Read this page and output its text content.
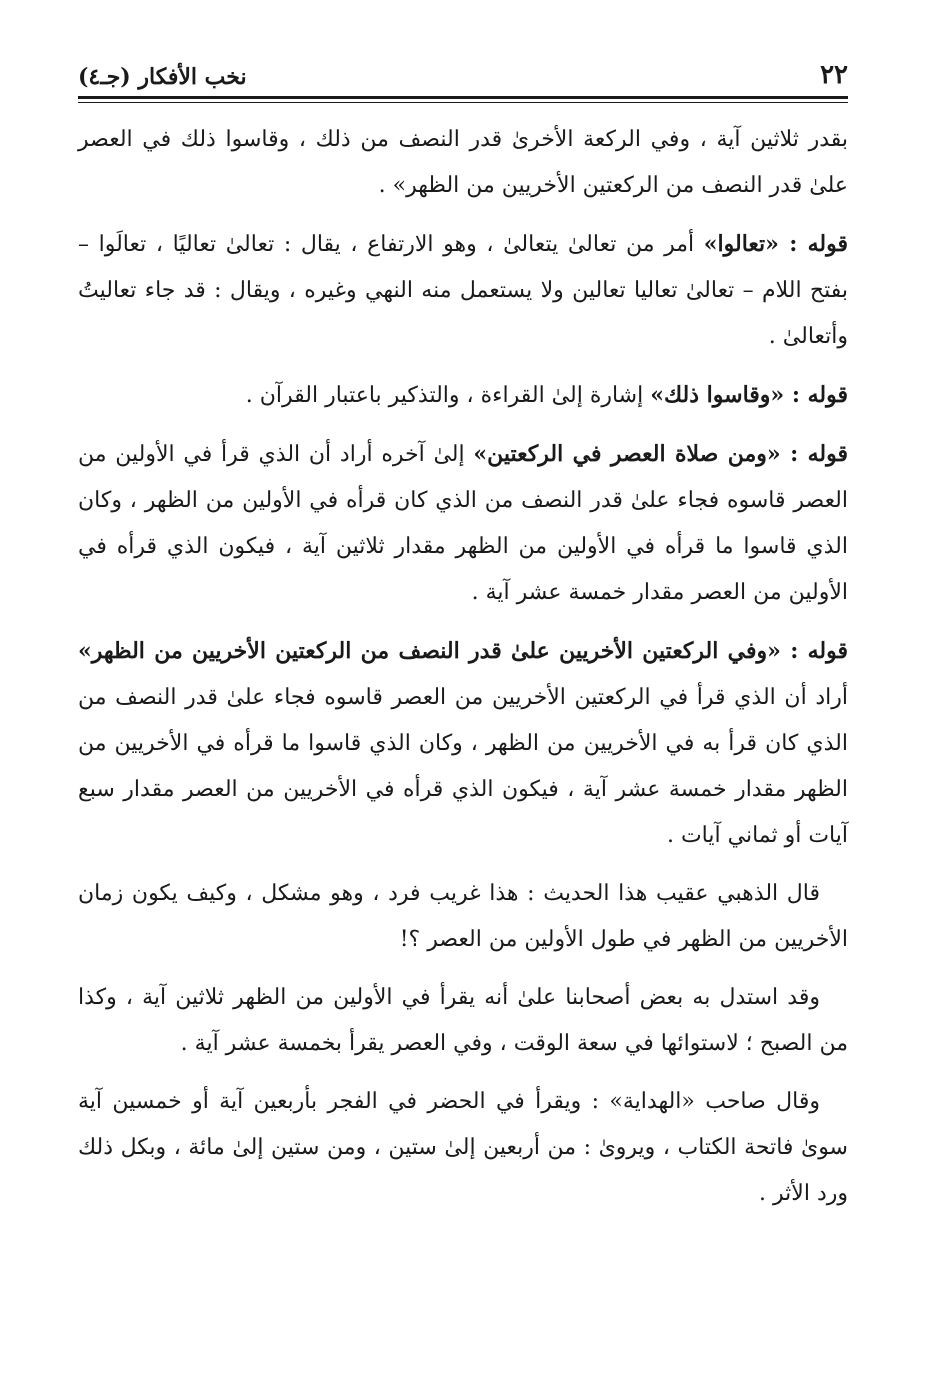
٢٢
نخب الأفكار (جـ٤)

بقدر ثلاثين آية ، وفي الركعة الأخرىٰ قدر النصف من ذلك ، وقاسوا ذلك في العصر علىٰ قدر النصف من الركعتين الأخريين من الظهر» .

قوله : «تعالوا» أمر من تعالىٰ يتعالىٰ ، وهو الارتفاع ، يقال : تعالىٰ تعاليًا ، تعالَوا – بفتح اللام – تعالىٰ تعاليا تعالين ولا يستعمل منه النهي وغيره ، ويقال : قد جاء تعاليتُ وأتعالىٰ .

قوله : «وقاسوا ذلك» إشارة إلىٰ القراءة ، والتذكير باعتبار القرآن .

قوله : «ومن صلاة العصر في الركعتين» إلىٰ آخره أراد أن الذي قرأ في الأولين من العصر قاسوه فجاء علىٰ قدر النصف من الذي كان قرأه في الأولين من الظهر ، وكان الذي قاسوا ما قرأه في الأولين من الظهر مقدار ثلاثين آية ، فيكون الذي قرأه في الأولين من العصر مقدار خمسة عشر آية .

قوله : «وفي الركعتين الأخريين علىٰ قدر النصف من الركعتين الأخريين من الظهر» أراد أن الذي قرأ في الركعتين الأخريين من العصر قاسوه فجاء علىٰ قدر النصف من الذي كان قرأ به في الأخريين من الظهر ، وكان الذي قاسوا ما قرأه في الأخريين من الظهر مقدار خمسة عشر آية ، فيكون الذي قرأه في الأخريين من العصر مقدار سبع آيات أو ثماني آيات .

قال الذهبي عقيب هذا الحديث : هذا غريب فرد ، وهو مشكل ، وكيف يكون زمان الأخريين من الظهر في طول الأولين من العصر ؟!

وقد استدل به بعض أصحابنا علىٰ أنه يقرأ في الأولين من الظهر ثلاثين آية ، وكذا من الصبح ؛ لاستوائها في سعة الوقت ، وفي العصر يقرأ بخمسة عشر آية .

وقال صاحب «الهداية» : ويقرأ في الحضر في الفجر بأربعين آية أو خمسين آية سوىٰ فاتحة الكتاب ، ويروىٰ : من أربعين إلىٰ ستين ، ومن ستين إلىٰ مائة ، وبكل ذلك ورد الأثر .
